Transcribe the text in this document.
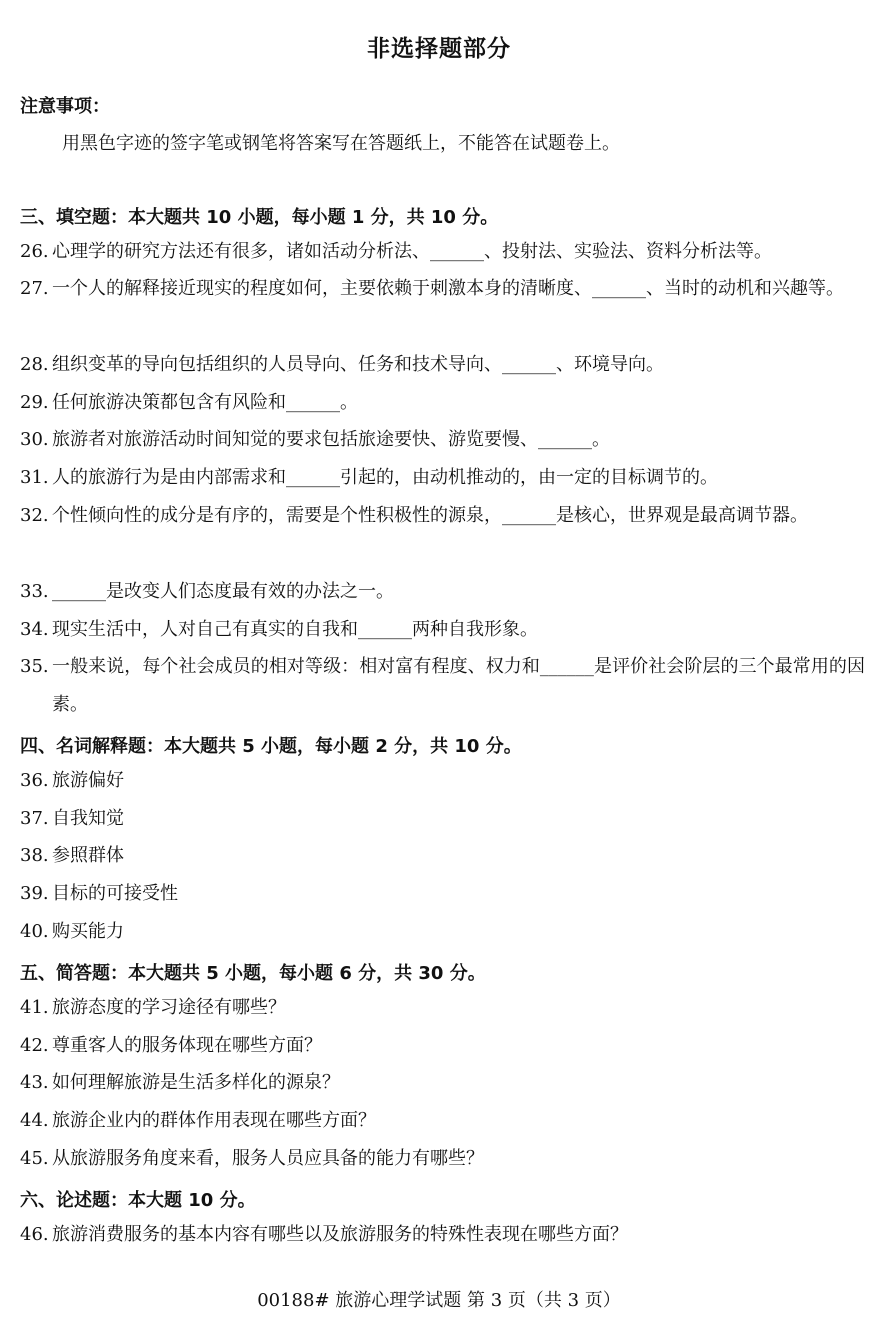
非选择题部分
注意事项：
用黑色字迹的签字笔或钢笔将答案写在答题纸上，不能答在试题卷上。
三、填空题：本大题共 10 小题，每小题 1 分，共 10 分。
26. 心理学的研究方法还有很多，诸如活动分析法、______、投射法、实验法、资料分析法等。
27. 一个人的解释接近现实的程度如何，主要依赖于刺激本身的清晰度、______、当时的动机和兴趣等。
28. 组织变革的导向包括组织的人员导向、任务和技术导向、______、环境导向。
29. 任何旅游决策都包含有风险和______。
30. 旅游者对旅游活动时间知觉的要求包括旅途要快、游览要慢、______。
31. 人的旅游行为是由内部需求和______引起的，由动机推动的，由一定的目标调节的。
32. 个性倾向性的成分是有序的，需要是个性积极性的源泉，______是核心，世界观是最高调节器。
33. ______是改变人们态度最有效的办法之一。
34. 现实生活中，人对自己有真实的自我和______两种自我形象。
35. 一般来说，每个社会成员的相对等级：相对富有程度、权力和______是评价社会阶层的三个最常用的因素。
四、名词解释题：本大题共 5 小题，每小题 2 分，共 10 分。
36. 旅游偏好
37. 自我知觉
38. 参照群体
39. 目标的可接受性
40. 购买能力
五、简答题：本大题共 5 小题，每小题 6 分，共 30 分。
41. 旅游态度的学习途径有哪些？
42. 尊重客人的服务体现在哪些方面？
43. 如何理解旅游是生活多样化的源泉？
44. 旅游企业内的群体作用表现在哪些方面？
45. 从旅游服务角度来看，服务人员应具备的能力有哪些？
六、论述题：本大题 10 分。
46. 旅游消费服务的基本内容有哪些以及旅游服务的特殊性表现在哪些方面？
00188# 旅游心理学试题 第 3 页（共 3 页）
